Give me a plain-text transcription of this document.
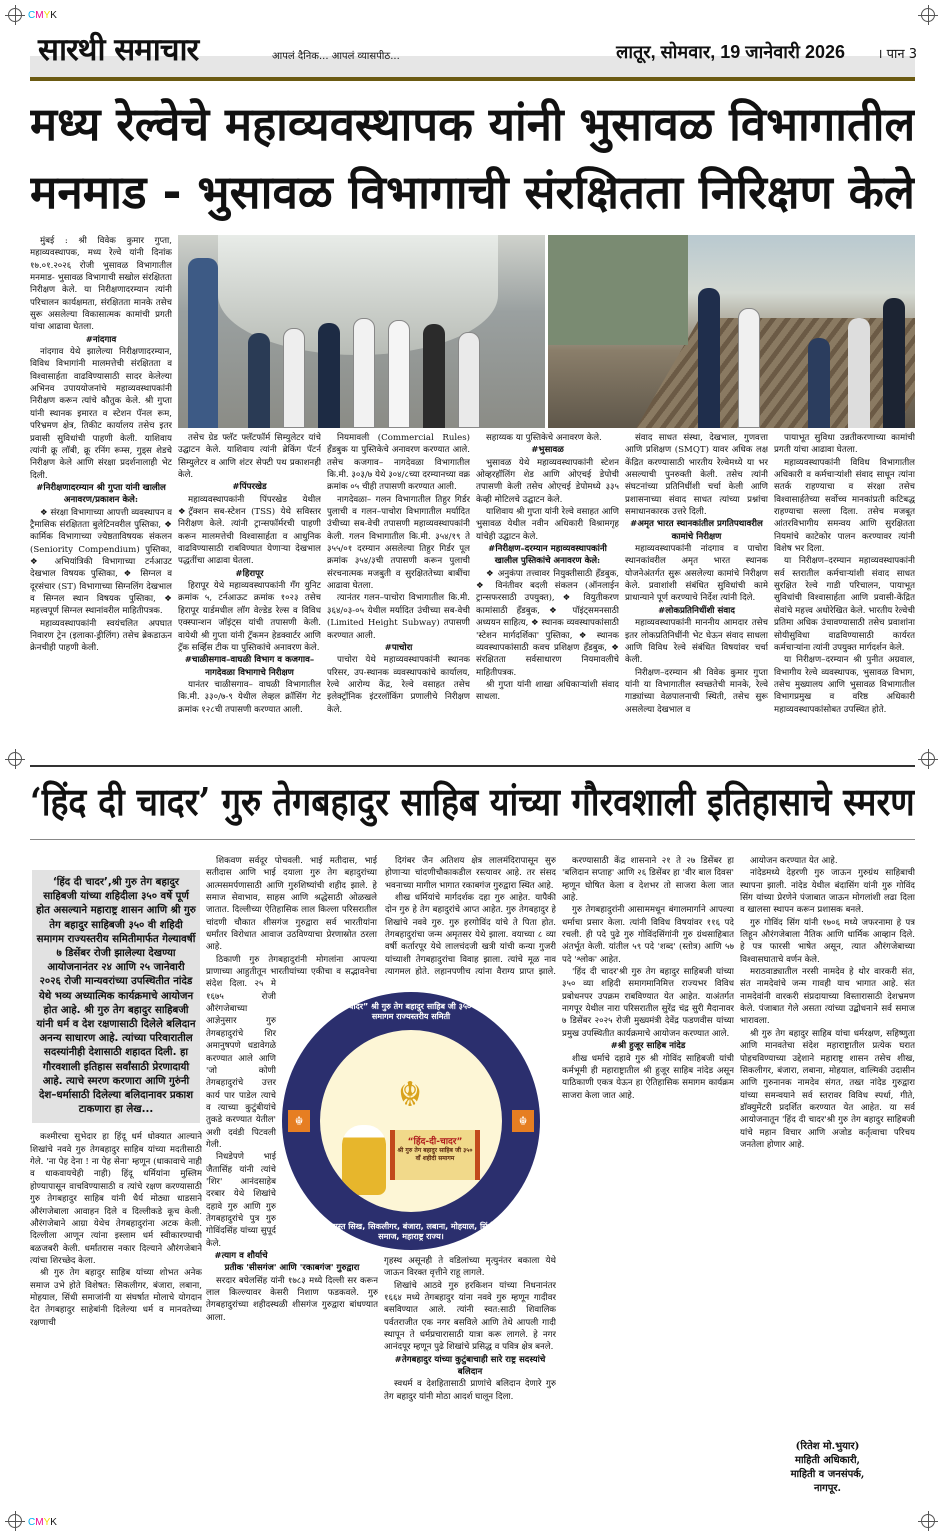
CMYK
CMYK
सारथी समाचार	आपलं दैनिक... आपलं व्यासपीठ...	लातूर, सोमवार, 19 जानेवारी 2026	। पान 3
मध्य रेल्वेचे महाव्यवस्थापक यांनी भुसावळ विभागातील
मनमाड - भुसावळ विभागाची संरक्षितता निरिक्षण केले

मुंबई : श्री विवेक कुमार गुप्ता, महाव्यवस्थापक, मध्य रेल्वे यांनी दिनांक १७.०१.२०२६ रोजी भुसावळ विभागातील मनमाड- भुसावळ विभागाची सखोल संरक्षितता निरीक्षण केले. या निरीक्षणादरम्यान त्यांनी परिचालन कार्यक्षमता, संरक्षितता मानके तसेच सुरू असलेल्या विकासात्मक कामांची प्रगती यांचा आढावा घेतला.

#नांदगाव

नांदगाव येथे झालेल्या निरीक्षणादरम्यान, विविध विभागांनी मालमत्तेची संरक्षितता व विश्वासार्हता वाढविण्यासाठी सादर केलेल्या अभिनव उपाययोजनांचे महाव्यवस्थापकांनी निरीक्षण करून त्यांचे कौतुक केले. श्री गुप्ता यांनी स्थानक इमारत व स्टेशन पॅनल रूम, परिभ्रमण क्षेत्र, तिकीट कार्यालय तसेच इतर प्रवासी सुविधांची पाहणी केली. याशिवाय त्यांनी क्रू लॉबी, क्रू रनिंग रूम्स, गुड्स शेडचे निरीक्षण केले आणि संरक्षा प्रदर्शनालाही भेट दिली.

#निरीक्षणादरम्यान श्री गुप्ता यांनी खालील अनावरण/प्रकाशन केले:

❖ संरक्षा विभागाच्या आपत्ती व्यवस्थापन व ट्रैमासिक संरक्षितता बुलेटिनवरील पुस्तिका, ❖ कार्मिक विभागाच्या ज्येष्ठताविषयक संकलन (Seniority Compendium) पुस्तिका, ❖ अभियांत्रिकी विभागाच्या टर्नआउट देखभाल विषयक पुस्तिका, ❖ सिग्नल व दूरसंचार (ST) विभागाच्या सिग्नलिंग देखभाल व सिग्नल स्थान विषयक पुस्तिका, ❖ महत्त्वपूर्ण सिग्नल स्थानांवरील माहितीपत्रक.

महाव्यवस्थापकांनी स्वयंचलित अपघात निवारण ट्रेन (इलाका-ड्रीलिंग) तसेच ब्रेकडाऊन क्रेनचीही पाहणी केली.

तसेच ग्रेड फ्लॅट फ्लॅटफॉर्म सिम्युलेटर यांचे उद्घाटन केले. याशिवाय त्यांनी ब्रेकिंग पॅटर्न सिम्युलेटर व आणि शंटर सेफ्टी पथ प्रकाशनही केले.

#पिंपरखेड

महाव्यवस्थापकांनी पिंपरखेड येथील ❖ट्रॅक्शन सब-स्टेशन (TSS) येथे सविस्तर निरीक्षण केले. त्यांनी ट्रान्सफॉर्मरची पाहणी करून मालमत्तेची विश्वासार्हता व आधुनिक वाढविण्यासाठी राबविण्यात येणाऱ्या देखभाल पद्धतींचा आढावा घेतला.

#हिरापूर

हिरापूर येथे महाव्यवस्थापकांनी गँग युनिट क्रमांक ५, टर्नआऊट क्रमांक १०२३ तसेच हिरापूर यार्डमधील लॉग वेल्डेड रेल्स व विविध एक्स्पान्शन जॉइंट्स यांची तपासणी केली. वायेथी श्री गुप्ता यांनी ट्रॅकमन हेडक्वार्टर आणि ट्रॅक सर्व्हिस टीक या पुस्तिकांचे अनावरण केले.

#चाळीसगाव–वाघळी विभाग व कजगाव– नागदेवळा विभागाचे निरीक्षण

यानंतर चाळीसगाव– वाघळी विभागातील कि.मी. ३३०/७-९ येथील लेव्हल क्रॉसिंग गेट क्रमांक १२८ची तपासणी करण्यात आली.

नियमावली (Commercial Rules) हँडबुक या पुस्तिकेचे अनावरण करण्यात आले. तसेच कजगाव– नागदेवळा विभागातील कि.मी. ३०३/७ येथे ३०४/८च्या दरम्यानच्या वक्र क्रमांक ०५ चीही तपासणी करण्यात आली.

नागदेवळा– गलन विभागातील तिहुर गिर्डर पुलाची व गलन–पाचोरा विभागातील मर्यादित उंचीच्या सब-वेची तपासणी महाव्यवस्थापकांनी केली. गलन विभागातील कि.मी. ३५४/१९ ते ३५५/०१ दरम्यान असलेल्या तिहुर गिर्डर पूल क्रमांक ३५४/३ची तपासणी करून पुलाची संरचनात्मक मजबुती व सुरक्षिततेच्या बाबींचा आढावा घेतला.

त्यानंतर गलन–पाचोरा विभागातील कि.मी. ३६४/०३-०५ येथील मर्यादित उंचीच्या सब-वेची (Limited Height Subway) तपासणी करण्यात आली.

#पाचोरा

पाचोरा येथे महाव्यवस्थापकांनी स्थानक परिसर, उप-स्थानक व्यवस्थापकांचे कार्यालय, रेल्वे आरोग्य केंद्र, रेल्वे वसाहत तसेच इलेक्ट्रॉनिक इंटरलॉकिंग प्रणालीचे निरीक्षण केले.

सहाय्यक या पुस्तिकेचे अनावरण केले.

#भुसावळ

भुसावळ येथे महाव्यवस्थापकांनी स्टेशन ओव्हरहॉलिंग शेड आणि ओएचई डेपोची तपासणी केली तसेच ओएचई डेपोमध्ये ३३५ केव्ही मोटिलचे उद्घाटन केले.

याशिवाय श्री गुप्ता यांनी रेल्वे वसाहत आणि भुसावळ येथील नवीन अधिकारी विश्रामगृह यांचेही उद्घाटन केले.

#निरीक्षण–दरम्यान महाव्यवस्थापकांनी खालील पुस्तिकांचे अनावरण केले:

❖ अनुकंपा तत्त्वावर नियुक्तीसाठी हँडबुक, ❖ विनंतीवर बदली संकलन (ऑनलाईन ट्रान्सफरसाठी उपयुक्त), ❖ वियुतीकरण कामांसाठी हँडबुक, ❖ पॉइंट्समनसाठी अध्ययन साहित्य, ❖ स्थानक व्यवस्थापकांसाठी 'स्टेशन मार्गदर्शिका' पुस्तिका, ❖ स्थानक व्यवस्थापकांसाठी कवच प्रशिक्षण हँडबुक, ❖ संरक्षितता सर्वसाधारण नियमावलीचे माहितीपत्रक.

श्री गुप्ता यांनी शाखा अधिकाऱ्यांशी संवाद साधला.

संवाद साधत संस्था, देखभाल, गुणवत्ता आणि प्रशिक्षण (SMQT) यावर अधिक लक्ष केंद्रित करण्यासाठी भारतीय रेल्वेमध्ये या भर असल्याची पुनरुक्ती केली. तसेच त्यांनी संघटनांच्या प्रतिनिधींशी चर्चा केली आणि प्रशासनाच्या संवाद साधत त्यांच्या प्रश्नांचा समाधानकारक उत्तरे दिली.

#अमृत भारत स्थानकांतील प्रगतिपथावरील कामांचे निरीक्षण

महाव्यवस्थापकांनी नांदगाव व पाचोरा स्थानकांवरील अमृत भारत स्थानक योजनेअंतर्गत सुरू असलेल्या कामांचे निरीक्षण केले. प्रवाशांशी संबंधित सुविधांची कामे प्राधान्याने पूर्ण करण्याचे निर्देश त्यांनी दिले.

#लोकप्रतिनिधींशी संवाद

महाव्यवस्थापकांनी माननीय आमदार तसेच इतर लोकप्रतिनिधींनी भेट घेऊन संवाद साधला आणि विविध रेल्वे संबंधित विषयांवर चर्चा केली.

निरीक्षण–दरम्यान श्री विवेक कुमार गुप्ता यांनी या विभागातील स्वच्छतेची मानके, रेल्वे गाड्यांच्या वेळपालनाची स्थिती, तसेच सुरू असलेल्या देखभाल व

पायाभूत सुविधा उन्नतीकरणाच्या कामांची प्रगती यांचा आढावा घेतला.

महाव्यवस्थापकांनी विविध विभागातील अधिकारी व कर्मचाऱ्यांशी संवाद साधून त्यांना सतर्क राहण्याचा व संरक्षा तसेच विश्वासार्हतेच्या सर्वोच्च मानकांप्रती कटिबद्ध राहण्याचा सल्ला दिला. तसेच मजबूत आंतरविभागीय समन्वय आणि सुरक्षितता नियमांचे काटेकोर पालन करण्यावर त्यांनी विशेष भर दिला.

या निरीक्षण–दरम्यान महाव्यवस्थापकांनी सर्व स्तरातील कर्मचाऱ्यांशी संवाद साधत सुरक्षित रेल्वे गाडी परिचालन, पायाभूत सुविधांची विश्वासार्हता आणि प्रवासी-केंद्रित सेवांचे महत्त्व अधोरेखित केले. भारतीय रेल्वेची प्रतिमा अधिक उंचावण्यासाठी तसेच प्रवाशांना सोयीसुविधा वाढविण्यासाठी कार्यरत कर्मचाऱ्यांना त्यांनी उपयुक्त मार्गदर्शन केले.

या निरीक्षण–दरम्यान श्री पुनीत अग्रवाल, विभागीय रेल्वे व्यवस्थापक, भुसावळ विभाग, तसेच मुख्यालय आणि भुसावळ विभागातील विभागप्रमुख व वरिष्ठ अधिकारी महाव्यवस्थापकांसोबत उपस्थित होते.

‘हिंद दी चादर’ गुरु तेगबहादुर साहिब यांच्या गौरवशाली इतिहासाचे स्मरण
‘हिंद दी चादर’,श्री गुरु तेग बहादुर साहिबजी यांच्या शहिदीला ३५० वर्षे पूर्ण होत असल्याने महाराष्ट्र शासन आणि श्री गुरु तेग बहादुर साहिबजी ३५० वी शहिदी समागम राज्यस्तरीय समितीमार्फत गेल्यावर्षी ७ डिसेंबर रोजी झालेल्या देखण्या आयोजनानंतर २४ आणि २५ जानेवारी २०२६ रोजी मान्यवरांच्या उपस्थितीत नांदेड येथे भव्य अध्यात्मिक कार्यक्रमाचे आयोजन होत आहे. श्री गुरु तेग बहादुर साहिबजी यांनी धर्म व देश रक्षणासाठी दिलेले बलिदान अनन्य साधारण आहे. त्यांच्या परिवारातील सदस्यांनीही देशासाठी शहादत दिली. हा गौरवशाली इतिहास सर्वांसाठी प्रेरणादायी आहे. त्याचे स्मरण करणारा आणि गुरुंनी देश–धर्मासाठी दिलेल्या बलिदानावर प्रकाश टाकणारा हा लेख...

कश्मीरचा सुभेदार हा हिंदू धर्म धोक्यात आल्याने शिखांचे नववे गुरु तेगबहादुर साहिब यांच्या मदतीसाठी गेले. 'ना पेह देना ! ना पेह सेना' म्हणून (धाकावाचे नाही व धाकवायचेही नाही) हिंदू धर्मियांना मुस्लिम होण्यापासून वाचविण्यासाठी व त्यांचे रक्षण करण्यासाठी गुरु तेगबहादुर साहिब यांनी धैर्य मोठ्या धाडसाने औरंगजेबाला आवाहन दिले व दिल्लीकडे कूच केली. औरंगजेबाने आग्रा येथेच तेगबहादुरांना अटक केली. दिल्लीला आणून त्यांना इस्लाम धर्म स्वीकारण्याची बळजबरी केली. धर्मांतरास नकार दिल्याने औरंगजेबाने त्यांचा शिरच्छेद केला.

श्री गुरु तेग बहादुर साहिब यांच्या शोभत अनेक समाज उभे होते विशेषत: सिकलीगर, बंजारा, लबाना, मोहयाल, सिंधी समाजांनी या संघर्षात मोलाचे योगदान देत तेगबहादुर साहेबांनी दिलेल्या धर्म व मानवतेच्या रक्षणाची

शिकवण सर्वदूर पोचवली. भाई मतीदास, भाई सतीदास आणि भाई दयाला गुरु तेग बहादुरांच्या आत्मसमर्पणासाठी आणि गुरुशिष्यांची शहीद झाले. हे समाज सेवाभाव, साहस आणि श्रद्धेसाठी ओळखले जातात. दिल्लीच्या ऐतिहासिक लाल किल्ला परिसरातील चांदणी चौकात शीसगंज गुरुद्वारा सर्व भारतीयांना धर्मांतर विरोधात आवाज उठविण्याचा प्रेरणास्रोत ठरला आहे.

ठिकाणी गुरु तेगबहादुरांनी मोगलांना आपल्या प्राणाच्या आहुतीतून भारतीयांच्या एकीचा व सद्भावनेचा संदेश दिला. २५ मे १६७५ रोजी औरंगजेबाच्या आज्ञेनुसार गुरु तेगबहादुरांचे शिर अमानुषपणे धडावेगळे करण्यात आले आणि 'जो कोणी तेगबहादुरांचे उत्तर कार्य पार पाडेल त्याचे व त्याच्या कुटुंबीयांचे तुकडे करण्यात येतील' अशी दवंडी पिटवली गेली.

निधडेपणे भाई जैतासिंह यांनी त्यांचे 'शिर' आनंदसाहेब दरबार येथे शिखांचे दहावे गुरु आणि गुरु तेगबहादुरांचे पुत्र गुरु गोविंदसिंह यांच्या सुपूर्द केले.

#त्याग व शौर्याचे प्रतीक 'सीसगंज' आणि 'रकाबगंज' गुरुद्वारा

सरदार बघेलसिंह यांनी १७८३ मध्ये दिल्ली सर करून लाल किल्ल्यावर केसरी निशाण फडकवले. गुरु तेगबहादुरांच्या शहीदस्थळी शीसगंज गुरुद्वारा बांधण्यात आला.

दिगंबर जैन अतिशय क्षेत्र लालमंदिरापासून सुरु होणाऱ्या चांदणीचौकाकडील रस्त्यावर आहे. तर संसद भवनाच्या मागील भागात रकाबगंज गुरुद्वारा स्थित आहे.

शीख धर्मियांचे मार्गदर्शक दहा गुरु आहेत. यापैकी दोन गुरु हे तेग बहादुरांचे आप्त आहेत. गुरु तेगबहादुर हे शिखांचे नववे गुरु. गुरु हरगोविंद यांचे ते पिता होत. तेगबहादुरांचा जन्म अमृतसर येथे झाला. वयाच्या ८ व्या वर्षी कर्तारपूर येथे लालचंदजी खत्री यांची कन्या गुजरी यांच्याशी तेगबहादुरांचा विवाह झाला. त्यांचे मूळ नाव त्यागमल होते. लहानपणीच त्यांना वैराग्य प्राप्त झाले. गृहस्थ असूनही ते वडिलांच्या मृत्युनंतर बकाला येथे जाऊन विरक्त वृत्तीने राहू लागले.

शिखांचे आठवे गुरु हरकिशन यांच्या निधनानंतर १६६४ मध्ये तेगबहादुर यांना नववे गुरु म्हणून गादीवर बसविण्यात आले. त्यांनी स्वत:साठी शिवालिक पर्वतराजीत एक नगर बसविले आणि तेथे आपली गादी स्थापून ते धर्मप्रचारासाठी यात्रा करू लागले. हे नगर आनंदपूर म्हणून पुढे शिखांचे प्रसिद्ध व पवित्र क्षेत्र बनले.

#तेगबहादुर यांच्या कुटुंबाचाही सारे राष्ट्र सदस्यांचे बलिदान

स्वधर्म व देशहितासाठी प्राणांचे बलिदान देणारे गुरु तेग बहादुर यांनी मोठा आदर्श घालून दिला.

करण्यासाठी केंद्र शासनाने २१ ते २७ डिसेंबर हा 'बलिदान सप्ताह' आणि २६ डिसेंबर हा 'वीर बाल दिवस' म्हणून घोषित केला व देशभर तो साजरा केला जात आहे.

गुरु तेगबहादुरांनी आसाममधून बंगालमार्गाने आपल्या धर्माचा प्रसार केला. त्यांनी विविध विषयांवर ११६ पदे रचली. ही पदे पुढे गुरु गोविंदसिंगांनी गुरु ग्रंथसाहिबात अंतर्भूत केली. यांतील ५९ पदे 'शब्द' (स्तोत्र) आणि ५७ पदे 'श्लोक' आहेत.

'हिंद दी चादर'श्री गुरु तेग बहादुर साहिबजी यांच्या ३५० व्या शहिदी समागमानिमित्त राज्यभर विविध प्रबोधनपर उपक्रम राबविण्यात येत आहेत. याअंतर्गत नागपूर येथील नारा परिसरातील सुरेंद्र चंद्र सुरी मैदानावर ७ डिसेंबर २०२५ रोजी मुख्यमंत्री देवेंद्र फडणवीस यांच्या प्रमुख उपस्थितीत कार्यक्रमाचे आयोजन करण्यात आले.

#श्री हुजूर साहिब नांदेड

शीख धर्माचे दहावे गुरु श्री गोविंद साहिबजी यांची कर्मभूमी ही महाराष्ट्रातील श्री हुजूर साहिब नांदेड असून याठिकाणी एकत्र येऊन हा ऐतिहासिक समागम कार्यक्रम साजरा केला जात आहे.

आयोजन करण्यात येत आहे.

नांदेडमध्ये देहरणी गुरु जाऊन गुरुग्रंथ साहिबाची स्थापना झाली. नांदेड येथील बंदासिंग यांनी गुरु गोविंद सिंग यांच्या प्रेरणेने पंजाबात जाऊन मोगलांशी लढा दिला व खालसा स्थापन करून प्रशासक बनले.

गुरु गोविंद सिंग यांनी १७०६ मध्ये जफरनामा हे पत्र लिहून औरंगजेबाला नैतिक आणि धार्मिक आव्हान दिले. हे पत्र फारसी भाषेत असून, त्यात औरंगजेबाच्या विश्वासघाताचे वर्णन केले.

मराठवाड्यातील नरसी नामदेव हे थोर वारकरी संत, संत नामदेवांचे जन्म गावही याच भागात आहे. संत नामदेवांनी वारकरी संप्रदायाच्या विस्तारासाठी देशभ्रमण केले. पंजाबात गेले असता त्यांच्या उद्बोधनाने सर्व समाज भारावला.

श्री गुरु तेग बहादुर साहिब यांचा धर्मरक्षण, सहिष्णुता आणि मानवतेचा संदेश महाराष्ट्रातील प्रत्येक घरात पोहचविण्याच्या उद्देशाने महाराष्ट्र शासन तसेच शीख, सिकलीगर, बंजारा, लबाना, मोहयाल, वाल्मिकी उदासीन आणि गुरुनानक नामदेव संगत, तख्त नांदेड गुरुद्वारा यांच्या समन्वयाने सर्व स्तरावर विविध स्पर्धा, गीते, डॉक्युमेंटरी प्रदर्शित करण्यात येत आहेत. या सर्व आयोजनातून 'हिंद दी चादर'श्री गुरु तेग बहादुर साहिबजी यांचे महान विचार आणि अजोड कर्तृत्वाचा परिचय जनतेला होणार आहे.

“हिंद दी चादर” श्री गुरु तेग बहादुर साहिब जी ३५० वाँ शहीदी समागम राज्यस्तरीय समिती
☬	☬
☬
“हिंद-दी-चादर”
श्री गुरु तेग बहादुर साहिब जी ३५० वाँ शहीदी समागम
समस्त सिख, सिकलीगर, बंजारा, लबाना, मोहयाल, सिंधी समाज, महाराष्ट्र राज्य।
(रितेश मो.भुयार)
माहिती अधिकारी,
माहिती व जनसंपर्क,
नागपूर.
